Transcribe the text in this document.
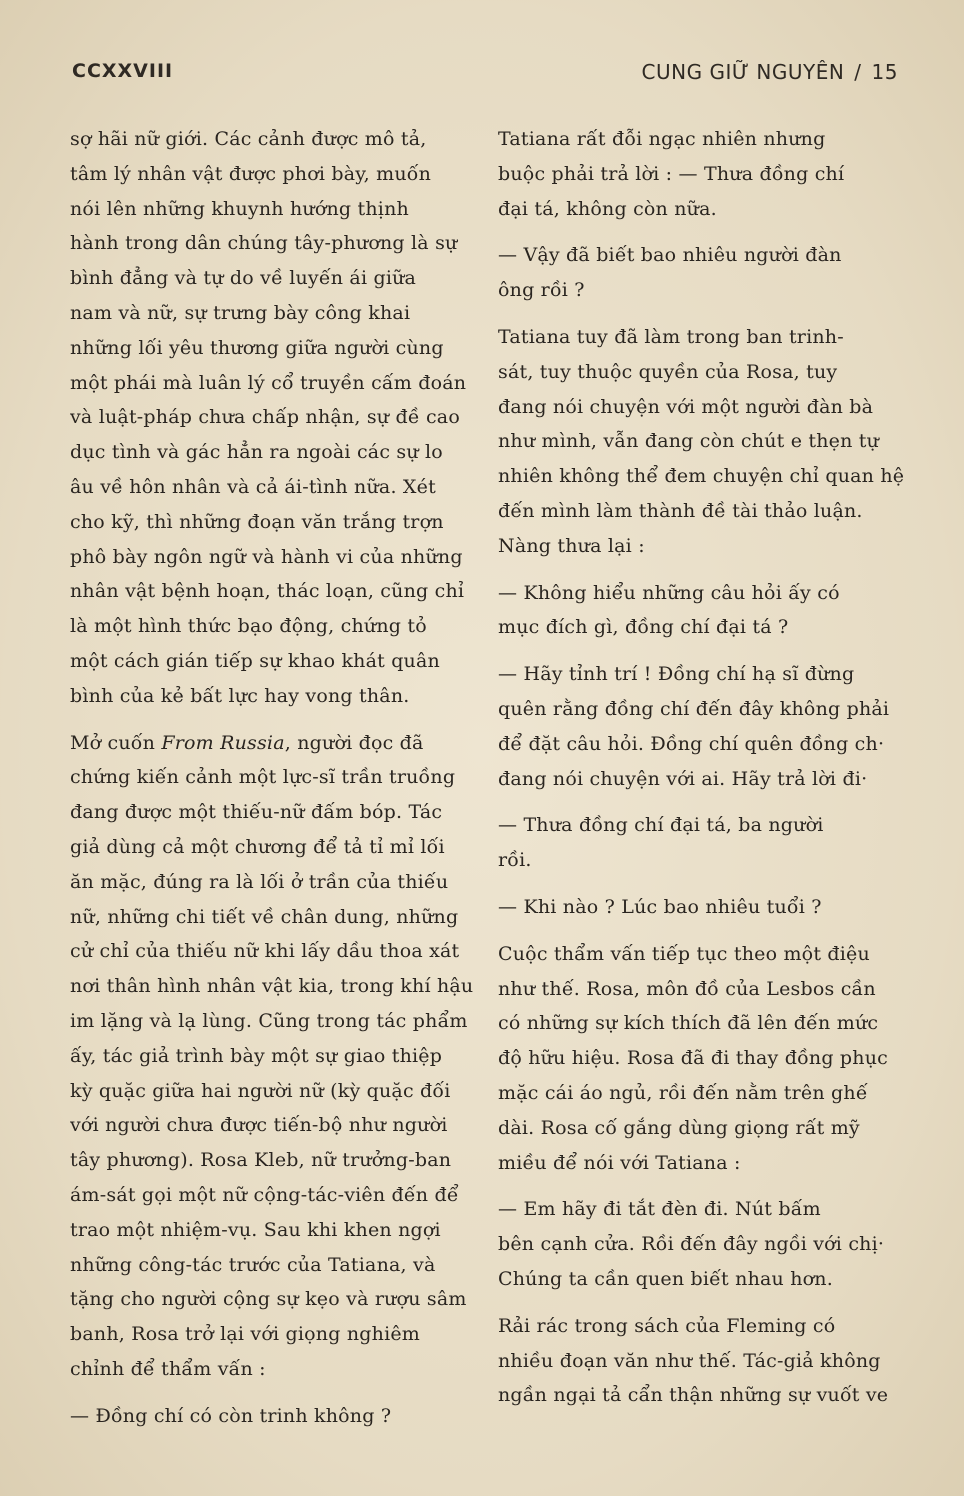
CCXXVIII	CUNG GIỮ NGUYÊN / 15
sợ hãi nữ giới. Các cảnh được mô tả,
tâm lý nhân vật được phơi bày, muốn
nói lên những khuynh hướng thịnh
hành trong dân chúng tây-phương là sự
bình đẳng và tự do về luyến ái giữa
nam và nữ, sự trưng bày công khai
những lối yêu thương giữa người cùng
một phái mà luân lý cổ truyền cấm đoán
và luật-pháp chưa chấp nhận, sự đề cao
dục tình và gác hẳn ra ngoài các sự lo
âu về hôn nhân và cả ái-tình nữa. Xét
cho kỹ, thì những đoạn văn trắng trợn
phô bày ngôn ngữ và hành vi của những
nhân vật bệnh hoạn, thác loạn, cũng chỉ
là một hình thức bạo động, chứng tỏ
một cách gián tiếp sự khao khát quân
bình của kẻ bất lực hay vong thân.
Mở cuốn From Russia, người đọc đã
chứng kiến cảnh một lực-sĩ trần truồng
đang được một thiếu-nữ đấm bóp. Tác
giả dùng cả một chương để tả tỉ mỉ lối
ăn mặc, đúng ra là lối ở trần của thiếu
nữ, những chi tiết về chân dung, những
cử chỉ của thiếu nữ khi lấy dầu thoa xát
nơi thân hình nhân vật kia, trong khí hậu
im lặng và lạ lùng. Cũng trong tác phẩm
ấy, tác giả trình bày một sự giao thiệp
kỳ quặc giữa hai người nữ (kỳ quặc đối
với người chưa được tiến-bộ như người
tây phương). Rosa Kleb, nữ trưởng-ban
ám-sát gọi một nữ cộng-tác-viên đến để
trao một nhiệm-vụ. Sau khi khen ngợi
những công-tác trước của Tatiana, và
tặng cho người cộng sự kẹo và rượu sâm
banh, Rosa trở lại với giọng nghiêm
chỉnh để thẩm vấn :
— Đồng chí có còn trinh không ?
Tatiana rất đỗi ngạc nhiên nhưng
buộc phải trả lời : — Thưa đồng chí
đại tá, không còn nữa.
— Vậy đã biết bao nhiêu người đàn
ông rồi ?
Tatiana tuy đã làm trong ban trinh-
sát, tuy thuộc quyền của Rosa, tuy
đang nói chuyện với một người đàn bà
như mình, vẫn đang còn chút e thẹn tự
nhiên không thể đem chuyện chỉ quan hệ
đến mình làm thành đề tài thảo luận.
Nàng thưa lại :
— Không hiểu những câu hỏi ấy có
mục đích gì, đồng chí đại tá ?
— Hãy tỉnh trí ! Đồng chí hạ sĩ đừng
quên rằng đồng chí đến đây không phải
để đặt câu hỏi. Đồng chí quên đồng ch·
đang nói chuyện với ai. Hãy trả lời đi·
— Thưa đồng chí đại tá, ba người
rồi.
— Khi nào ? Lúc bao nhiêu tuổi ?
Cuộc thẩm vấn tiếp tục theo một điệu
như thế. Rosa, môn đồ của Lesbos cần
có những sự kích thích đã lên đến mức
độ hữu hiệu. Rosa đã đi thay đồng phục
mặc cái áo ngủ, rồi đến nằm trên ghế
dài. Rosa cố gắng dùng giọng rất mỹ
miều để nói với Tatiana :
— Em hãy đi tắt đèn đi. Nút bấm
bên cạnh cửa. Rồi đến đây ngồi với chị·
Chúng ta cần quen biết nhau hơn.
Rải rác trong sách của Fleming có
nhiều đoạn văn như thế. Tác-giả không
ngần ngại tả cẩn thận những sự vuốt ve
